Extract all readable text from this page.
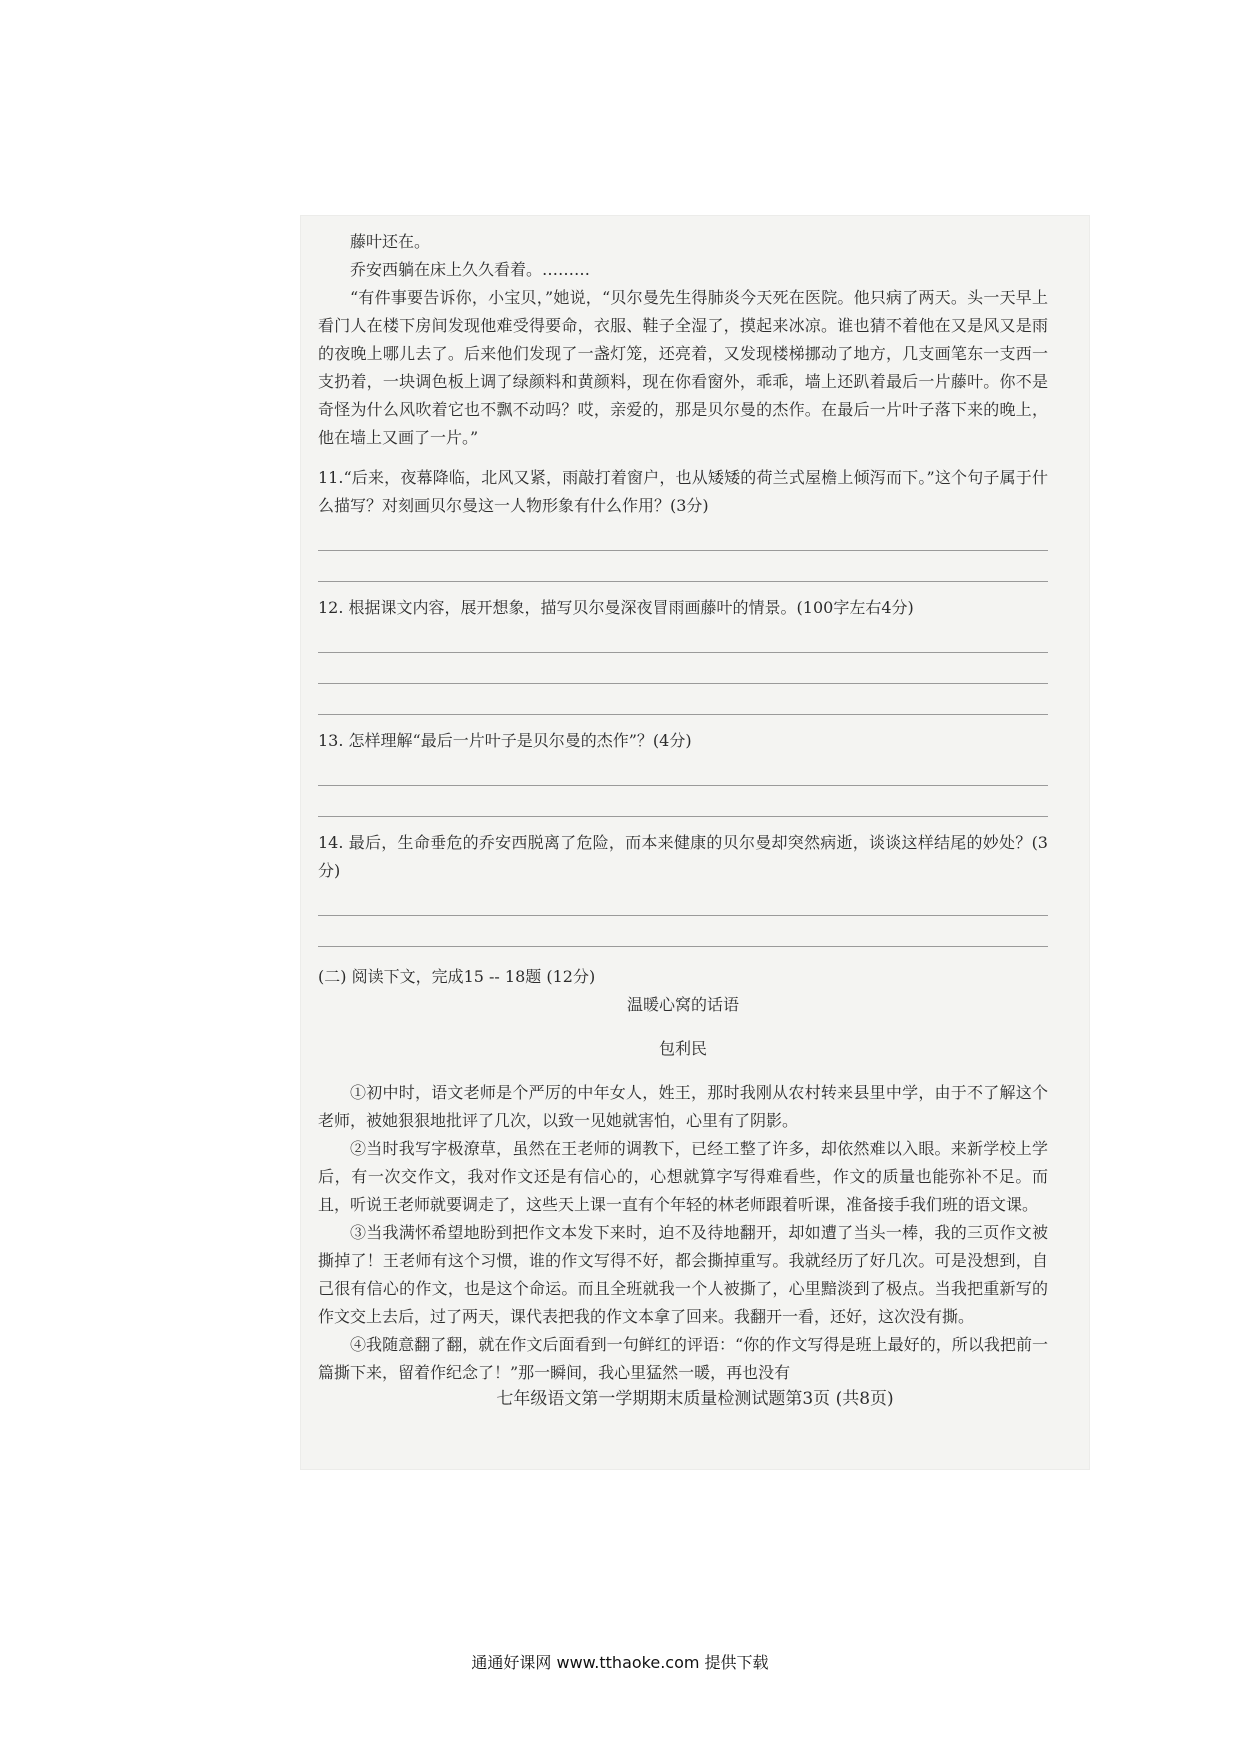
藤叶还在。

乔安西躺在床上久久看着。………

“有件事要告诉你，小宝贝，”她说，“贝尔曼先生得肺炎今天死在医院。他只病了两天。头一天早上看门人在楼下房间发现他难受得要命，衣服、鞋子全湿了，摸起来冰凉。谁也猜不着他在又是风又是雨的夜晚上哪儿去了。后来他们发现了一盏灯笼，还亮着，又发现楼梯挪动了地方，几支画笔东一支西一支扔着，一块调色板上调了绿颜料和黄颜料，现在你看窗外，乖乖，墙上还趴着最后一片藤叶。你不是奇怪为什么风吹着它也不飘不动吗？哎，亲爱的，那是贝尔曼的杰作。在最后一片叶子落下来的晚上，他在墙上又画了一片。”

11.“后来，夜幕降临，北风又紧，雨敲打着窗户，也从矮矮的荷兰式屋檐上倾泻而下。”这个句子属于什么描写？对刻画贝尔曼这一人物形象有什么作用？(3分)

12. 根据课文内容，展开想象，描写贝尔曼深夜冒雨画藤叶的情景。(100字左右4分)

13. 怎样理解“最后一片叶子是贝尔曼的杰作”？(4分)

14. 最后，生命垂危的乔安西脱离了危险，而本来健康的贝尔曼却突然病逝，谈谈这样结尾的妙处？(3分)

(二) 阅读下文，完成15 -- 18题 (12分)

温暖心窝的话语

包利民

①初中时，语文老师是个严厉的中年女人，姓王，那时我刚从农村转来县里中学，由于不了解这个老师，被她狠狠地批评了几次，以致一见她就害怕，心里有了阴影。

②当时我写字极潦草，虽然在王老师的调教下，已经工整了许多，却依然难以入眼。来新学校上学后，有一次交作文，我对作文还是有信心的，心想就算字写得难看些，作文的质量也能弥补不足。而且，听说王老师就要调走了，这些天上课一直有个年轻的林老师跟着听课，准备接手我们班的语文课。

③当我满怀希望地盼到把作文本发下来时，迫不及待地翻开，却如遭了当头一棒，我的三页作文被撕掉了！王老师有这个习惯，谁的作文写得不好，都会撕掉重写。我就经历了好几次。可是没想到，自己很有信心的作文，也是这个命运。而且全班就我一个人被撕了，心里黯淡到了极点。当我把重新写的作文交上去后，过了两天，课代表把我的作文本拿了回来。我翻开一看，还好，这次没有撕。

④我随意翻了翻，就在作文后面看到一句鲜红的评语：“你的作文写得是班上最好的，所以我把前一篇撕下来，留着作纪念了！”那一瞬间，我心里猛然一暖，再也没有

七年级语文第一学期期末质量检测试题第3页 (共8页)
通通好课网 www.tthaoke.com 提供下载
